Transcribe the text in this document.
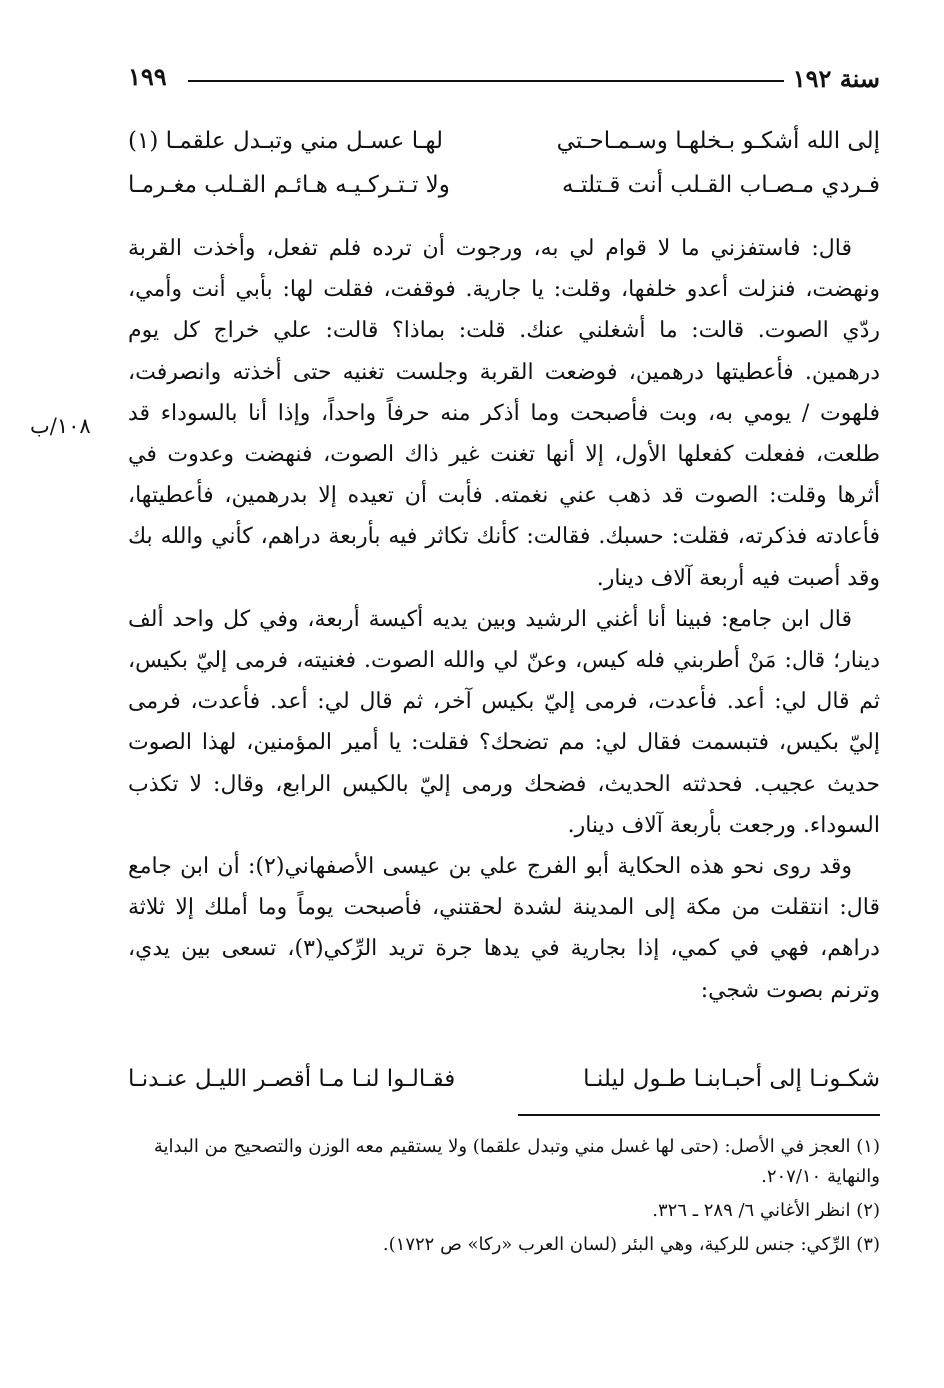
سنة ١٩٢
١٩٩
إلى الله أشكـو بـخلهـا وسـمـاحـتي
لهـا عسـل مني وتبـدل علقمـا (١)
فـردي مـصـاب القـلب أنت قـتلتـه
ولا تـتـركـيـه هـائـم القـلب مغـرمـا
١٠٨/ب

قال: فاستفزني ما لا قوام لي به، ورجوت أن ترده فلم تفعل، وأخذت القربة ونهضت، فنزلت أعدو خلفها، وقلت: يا جارية. فوقفت، فقلت لها: بأبي أنت وأمي، ردّي الصوت. قالت: ما أشغلني عنك. قلت: بماذا؟ قالت: علي خراج كل يوم درهمين. فأعطيتها درهمين، فوضعت القربة وجلست تغنيه حتى أخذته وانصرفت، فلهوت / يومي به، وبت فأصبحت وما أذكر منه حرفاً واحداً، وإذا أنا بالسوداء قد طلعت، ففعلت كفعلها الأول، إلا أنها تغنت غير ذاك الصوت، فنهضت وعدوت في أثرها وقلت: الصوت قد ذهب عني نغمته. فأبت أن تعيده إلا بدرهمين، فأعطيتها، فأعادته فذكرته، فقلت: حسبك. فقالت: كأنك تكاثر فيه بأربعة دراهم، كأني والله بك وقد أصبت فيه أربعة آلاف دينار.

قال ابن جامع: فبينا أنا أغني الرشيد وبين يديه أكيسة أربعة، وفي كل واحد ألف دينار؛ قال: مَنْ أطربني فله كيس، وعنّ لي والله الصوت. فغنيته، فرمى إليّ بكيس، ثم قال لي: أعد. فأعدت، فرمى إليّ بكيس آخر، ثم قال لي: أعد. فأعدت، فرمى إليّ بكيس، فتبسمت فقال لي: مم تضحك؟ فقلت: يا أمير المؤمنين، لهذا الصوت حديث عجيب. فحدثته الحديث، فضحك ورمى إليّ بالكيس الرابع، وقال: لا تكذب السوداء. ورجعت بأربعة آلاف دينار.

وقد روى نحو هذه الحكاية أبو الفرج علي بن عيسى الأصفهاني(٢): أن ابن جامع قال: انتقلت من مكة إلى المدينة لشدة لحقتني، فأصبحت يوماً وما أملك إلا ثلاثة دراهم، فهي في كمي، إذا بجارية في يدها جرة تريد الرِّكي(٣)، تسعى بين يدي، وترنم بصوت شجي:

شكـونـا إلى أحبـابنـا طـول ليلنـا
فقـالـوا لنـا مـا أقصـر الليـل عنـدنـا

(١) العجز في الأصل: (حتى لها غسل مني وتبدل علقما) ولا يستقيم معه الوزن والتصحيح من البداية والنهاية ٢٠٧/١٠.

(٢) انظر الأغاني ٦/ ٢٨٩ ـ ٣٢٦.

(٣) الرِّكي: جنس للركية، وهي البئر (لسان العرب «ركا» ص ١٧٢٢).
